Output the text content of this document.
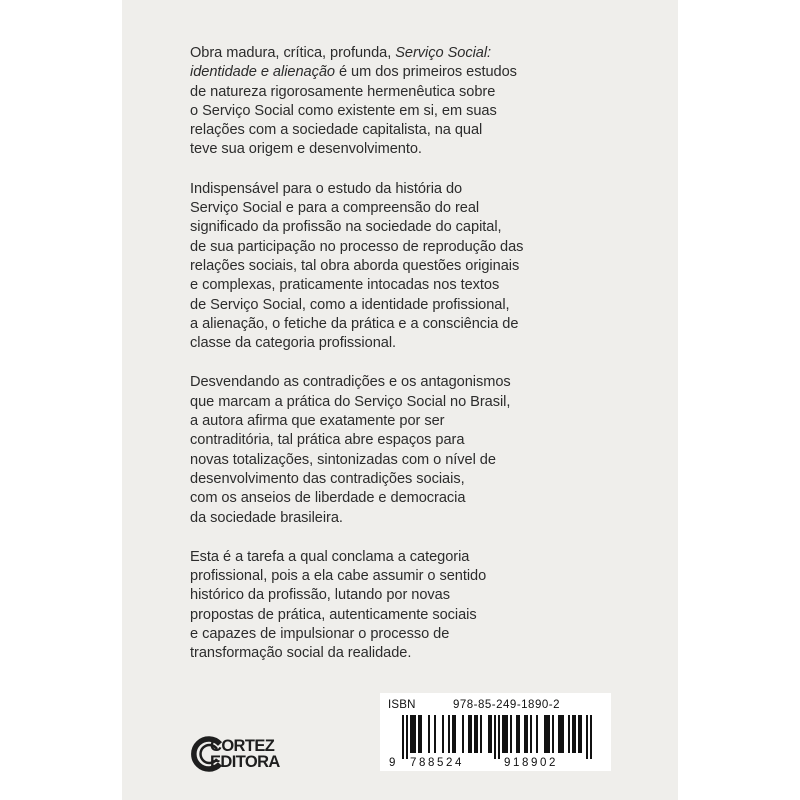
Obra madura, crítica, profunda, Serviço Social:
identidade e alienação é um dos primeiros estudos
de natureza rigorosamente hermenêutica sobre
o Serviço Social como existente em si, em suas
relações com a sociedade capitalista, na qual
teve sua origem e desenvolvimento.

Indispensável para o estudo da história do
Serviço Social e para a compreensão do real
significado da profissão na sociedade do capital,
de sua participação no processo de reprodução das
relações sociais, tal obra aborda questões originais
e complexas, praticamente intocadas nos textos
de Serviço Social, como a identidade profissional,
a alienação, o fetiche da prática e a consciência de
classe da categoria profissional.

Desvendando as contradições e os antagonismos
que marcam a prática do Serviço Social no Brasil,
a autora afirma que exatamente por ser
contraditória, tal prática abre espaços para
novas totalizações, sintonizadas com o nível de
desenvolvimento das contradições sociais,
com os anseios de liberdade e democracia
da sociedade brasileira.

Esta é a tarefa a qual conclama a categoria
profissional, pois a ela cabe assumir o sentido
histórico da profissão, lutando por novas
propostas de prática, autenticamente sociais
e capazes de impulsionar o processo de
transformação social da realidade.

CORTEZ
EDITORA
ISBN	978-85-249-1890-2
9 788524	918902
